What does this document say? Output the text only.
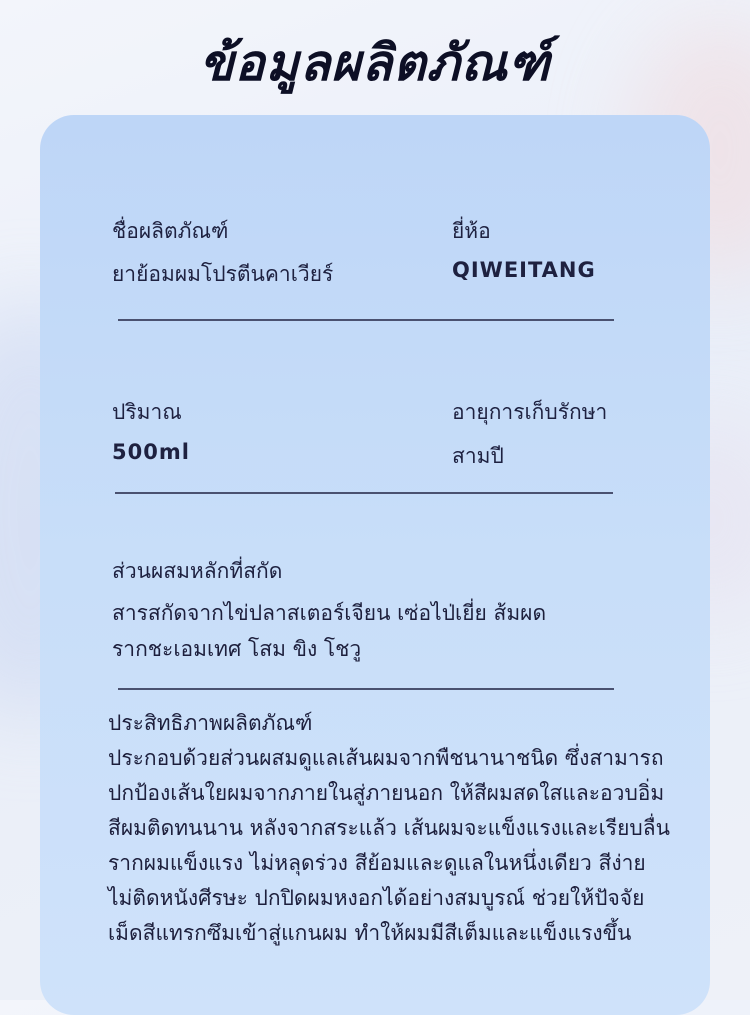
ข้อมูลผลิตภัณฑ์
ชื่อผลิตภัณฑ์
ยาย้อมผมโปรตีนคาเวียร์
ยี่ห้อ
QIWEITANG
ปริมาณ
500ml
อายุการเก็บรักษา
สามปี
ส่วนผสมหลักที่สกัด
สารสกัดจากไข่ปลาสเตอร์เจียน เซ่อไป่เยี่ย ส้มผด
รากชะเอมเทศ โสม ขิง โชวู
ประสิทธิภาพผลิตภัณฑ์
ประกอบด้วยส่วนผสมดูแลเส้นผมจากพืชนานาชนิด ซึ่งสามารถ
ปกป้องเส้นใยผมจากภายในสู่ภายนอก ให้สีผมสดใสและอวบอิ่ม
สีผมติดทนนาน หลังจากสระแล้ว เส้นผมจะแข็งแรงและเรียบลื่น
รากผมแข็งแรง ไม่หลุดร่วง สีย้อมและดูแลในหนึ่งเดียว สีง่าย
ไม่ติดหนังศีรษะ ปกปิดผมหงอกได้อย่างสมบูรณ์ ช่วยให้ปัจจัย
เม็ดสีแทรกซึมเข้าสู่แกนผม ทำให้ผมมีสีเต็มและแข็งแรงขึ้น
